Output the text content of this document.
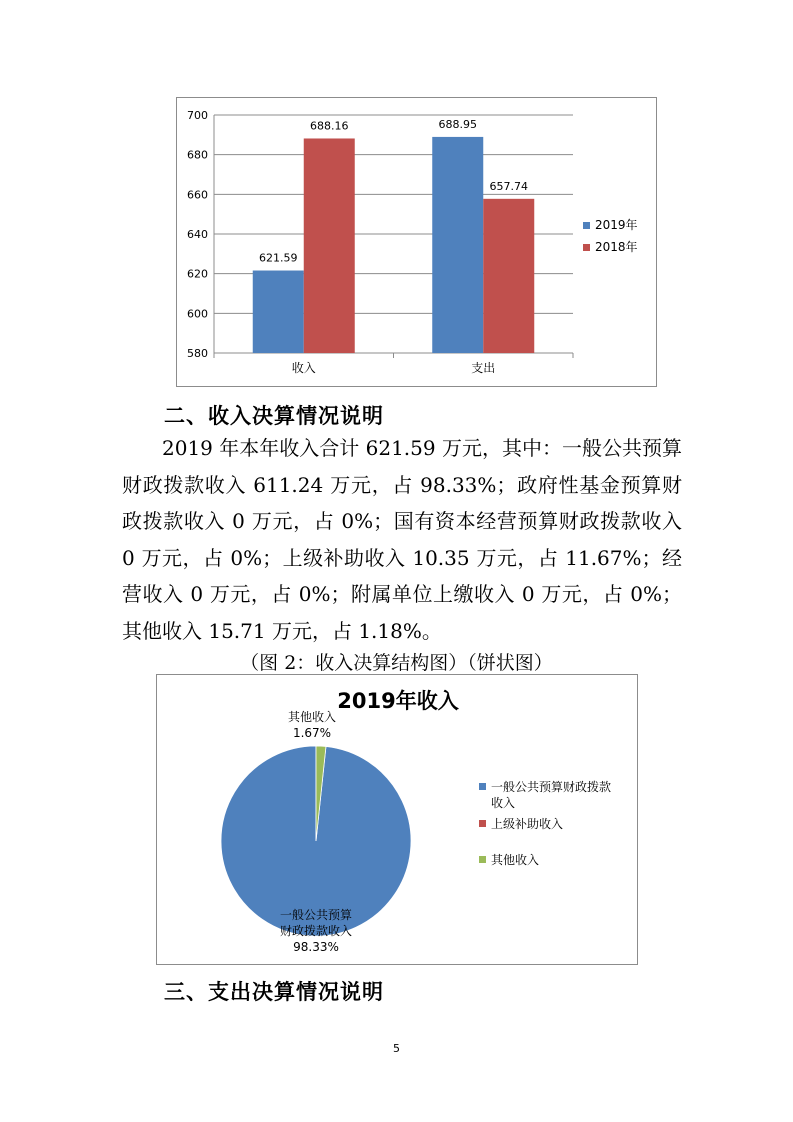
580
600
620
640
660
680
700
收入
621.59
688.16
支出
688.95
657.74
2019年
2018年
二、收入决算情况说明
2019 年本年收入合计 621.59 万元，其中：一般公共预算财政拨款收入 611.24 万元，占 98.33%；政府性基金预算财政拨款收入 0 万元，占 0%；国有资本经营预算财政拨款收入 0 万元，占 0%；上级补助收入 10.35 万元，占 11.67%；经营收入 0 万元，占 0%；附属单位上缴收入 0 万元，占 0%；其他收入 15.71 万元，占 1.18%。
（图 2：收入决算结构图）（饼状图）
2019年收入
一般公共预算
财政拨款收入
98.33%
其他收入
1.67%
一般公共预算财政拨款
收入
上级补助收入
其他收入
三、支出决算情况说明
5
